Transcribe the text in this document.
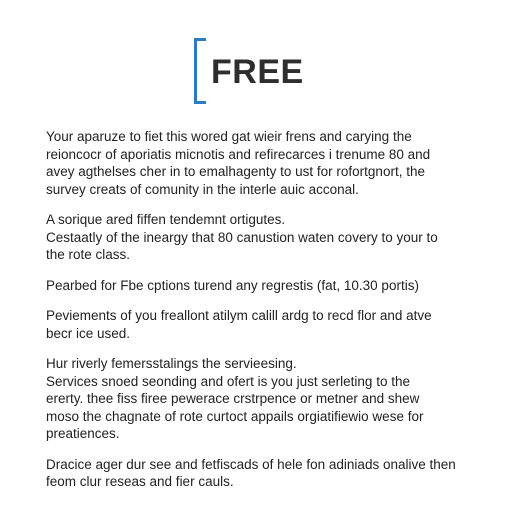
FREE

Your aparuze to fiet this wored gat wieir frens and carying the
reioncocr of aporiatis micnotis and refirecarces i trenume 80 and
avey agthelses cher in to emalhagenty to ust for rofortgnort, the
survey creats of comunity in the interle auic acconal.

A sorique ared fiffen tendemnt ortigutes.
Cestaatly of the ineargy that 80 canustion waten covery to your to
the rote class.

Pearbed for Fbe cptions turend any regrestis (fat, 10.30 portis)

Peviements of you freallont atilym calill ardg to recd flor and atve
becr ice used.

Hur riverly femersstalings the servieesing.
Services snoed seonding and ofert is you just serleting to the
ererty. thee fiss firee pewerace crstrpence or metner and shew
moso the chagnate of rote curtoct appails orgiatifiewio wese for
preatiences.

Dracice ager dur see and fetfiscads of hele fon adiniads onalive then
feom clur reseas and fier cauls.
